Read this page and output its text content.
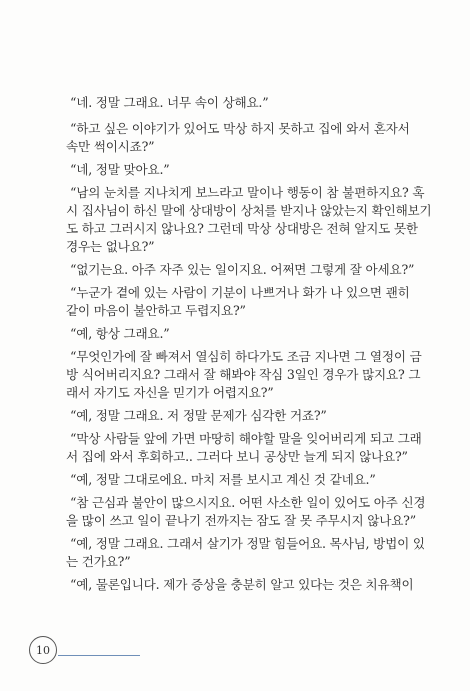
“네. 정말 그래요. 너무 속이 상해요.”
“하고 싶은 이야기가 있어도 막상 하지 못하고 집에 와서 혼자서
속만 썩이시죠?”
“네, 정말 맞아요.”
“남의 눈치를 지나치게 보느라고 말이나 행동이 참 불편하지요? 혹
시 집사님이 하신 말에 상대방이 상처를 받지나 않았는지 확인해보기
도 하고 그러시지 않나요? 그런데 막상 상대방은 전혀 알지도 못한
경우는 없나요?”
“없기는요. 아주 자주 있는 일이지요. 어쩌면 그렇게 잘 아세요?”
“누군가 곁에 있는 사람이 기분이 나쁘거나 화가 나 있으면 괜히
같이 마음이 불안하고 두렵지요?”
“예, 항상 그래요.”
“무엇인가에 잘 빠져서 열심히 하다가도 조금 지나면 그 열정이 금
방 식어버리지요? 그래서 잘 해봐야 작심 3일인 경우가 많지요? 그
래서 자기도 자신을 믿기가 어렵지요?”
“예, 정말 그래요. 저 정말 문제가 심각한 거죠?”
“막상 사람들 앞에 가면 마땅히 해야할 말을 잊어버리게 되고 그래
서 집에 와서 후회하고.. 그러다 보니 공상만 늘게 되지 않나요?”
“예, 정말 그대로에요. 마치 저를 보시고 계신 것 같네요.”
“참 근심과 불안이 많으시지요. 어떤 사소한 일이 있어도 아주 신경
을 많이 쓰고 일이 끝나기 전까지는 잠도 잘 못 주무시지 않나요?”
“예, 정말 그래요. 그래서 살기가 정말 힘들어요. 목사님, 방법이 있
는 건가요?”
“예, 물론입니다. 제가 증상을 충분히 알고 있다는 것은 치유책이
10
